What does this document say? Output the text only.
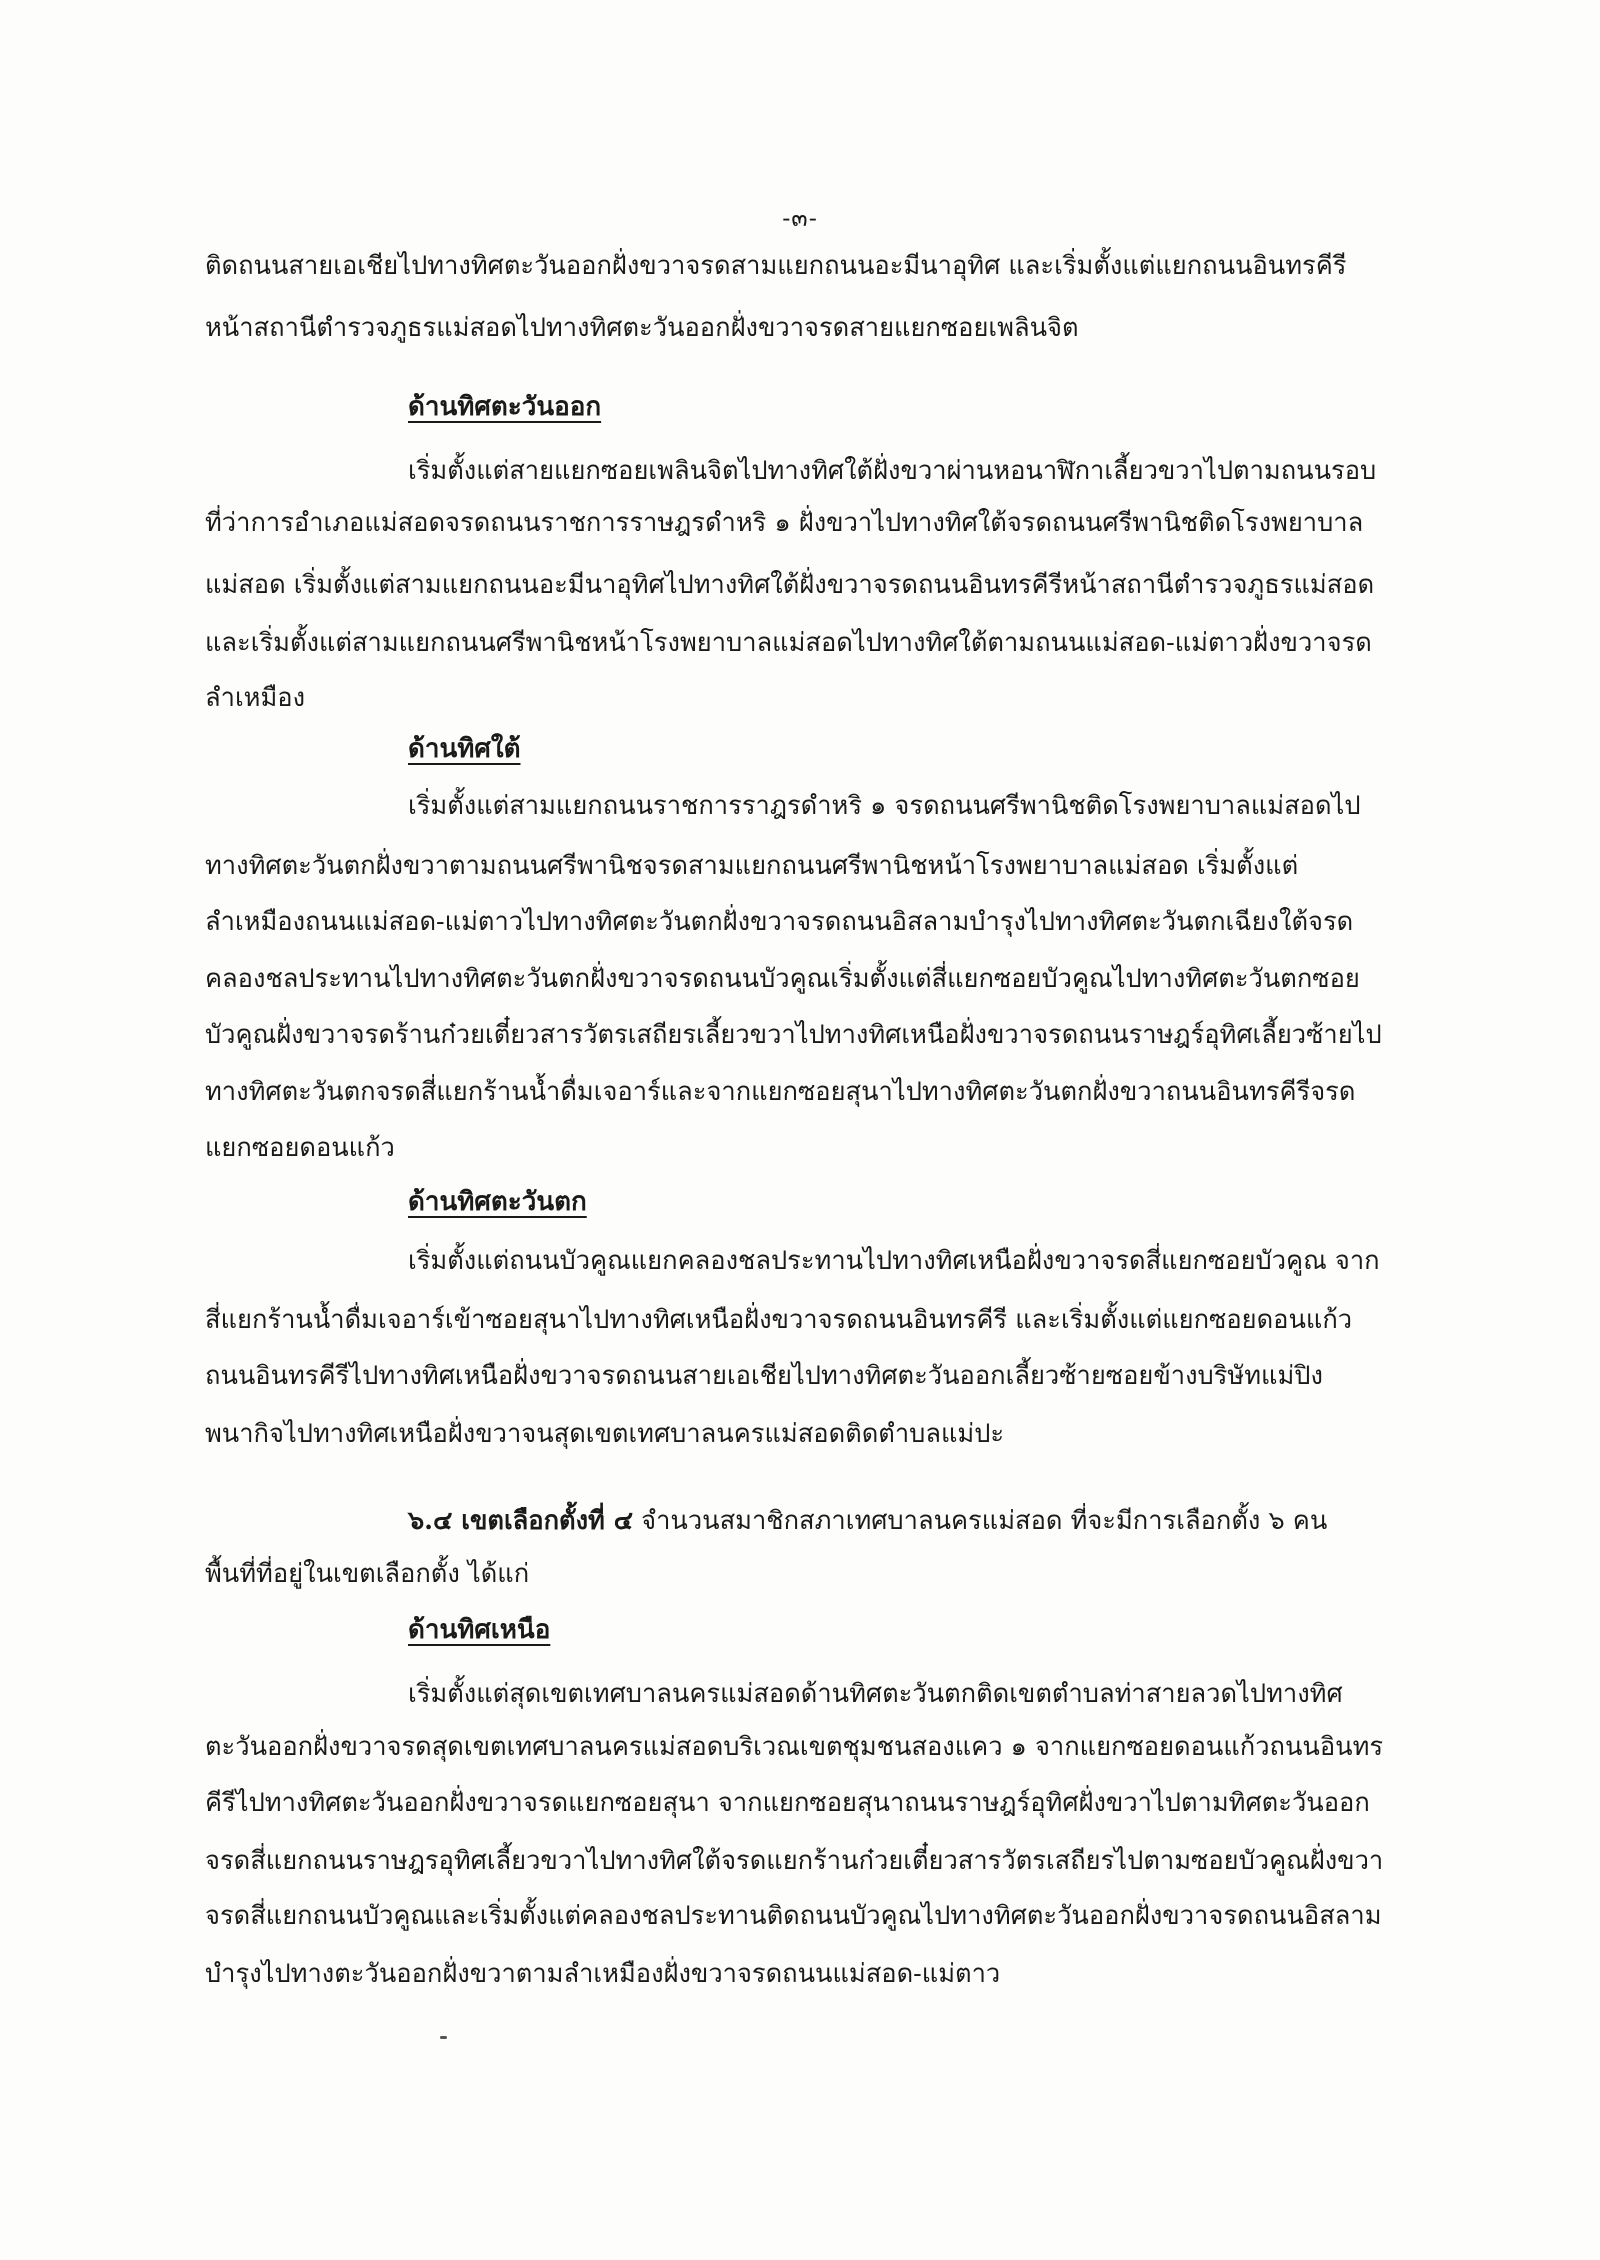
-๓-
ติดถนนสายเอเชียไปทางทิศตะวันออกฝั่งขวาจรดสามแยกถนนอะมีนาอุทิศ และเริ่มตั้งแต่แยกถนนอินทรคีรี
หน้าสถานีตำรวจภูธรแม่สอดไปทางทิศตะวันออกฝั่งขวาจรดสายแยกซอยเพลินจิต
ด้านทิศตะวันออก
เริ่มตั้งแต่สายแยกซอยเพลินจิตไปทางทิศใต้ฝั่งขวาผ่านหอนาฬิกาเลี้ยวขวาไปตามถนนรอบ
ที่ว่าการอำเภอแม่สอดจรดถนนราชการราษฎรดำหริ ๑ ฝั่งขวาไปทางทิศใต้จรดถนนศรีพานิชติดโรงพยาบาล
แม่สอด เริ่มตั้งแต่สามแยกถนนอะมีนาอุทิศไปทางทิศใต้ฝั่งขวาจรดถนนอินทรคีรีหน้าสถานีตำรวจภูธรแม่สอด
และเริ่มตั้งแต่สามแยกถนนศรีพานิชหน้าโรงพยาบาลแม่สอดไปทางทิศใต้ตามถนนแม่สอด-แม่ตาวฝั่งขวาจรด
ลำเหมือง
ด้านทิศใต้
เริ่มตั้งแต่สามแยกถนนราชการราฎรดำหริ ๑ จรดถนนศรีพานิชติดโรงพยาบาลแม่สอดไป
ทางทิศตะวันตกฝั่งขวาตามถนนศรีพานิชจรดสามแยกถนนศรีพานิชหน้าโรงพยาบาลแม่สอด เริ่มตั้งแต่
ลำเหมืองถนนแม่สอด-แม่ตาวไปทางทิศตะวันตกฝั่งขวาจรดถนนอิสลามบำรุงไปทางทิศตะวันตกเฉียงใต้จรด
คลองชลประทานไปทางทิศตะวันตกฝั่งขวาจรดถนนบัวคูณเริ่มตั้งแต่สี่แยกซอยบัวคูณไปทางทิศตะวันตกซอย
บัวคูณฝั่งขวาจรดร้านก๋วยเตี๋ยวสารวัตรเสถียรเลี้ยวขวาไปทางทิศเหนือฝั่งขวาจรดถนนราษฎร์อุทิศเลี้ยวซ้ายไป
ทางทิศตะวันตกจรดสี่แยกร้านน้ำดื่มเจอาร์และจากแยกซอยสุนาไปทางทิศตะวันตกฝั่งขวาถนนอินทรคีรีจรด
แยกซอยดอนแก้ว
ด้านทิศตะวันตก
เริ่มตั้งแต่ถนนบัวคูณแยกคลองชลประทานไปทางทิศเหนือฝั่งขวาจรดสี่แยกซอยบัวคูณ จาก
สี่แยกร้านน้ำดื่มเจอาร์เข้าซอยสุนาไปทางทิศเหนือฝั่งขวาจรดถนนอินทรคีรี และเริ่มตั้งแต่แยกซอยดอนแก้ว
ถนนอินทรคีรีไปทางทิศเหนือฝั่งขวาจรดถนนสายเอเชียไปทางทิศตะวันออกเลี้ยวซ้ายซอยข้างบริษัทแม่ปิง
พนากิจไปทางทิศเหนือฝั่งขวาจนสุดเขตเทศบาลนครแม่สอดติดตำบลแม่ปะ
๖.๔ เขตเลือกตั้งที่ ๔ จำนวนสมาชิกสภาเทศบาลนครแม่สอด ที่จะมีการเลือกตั้ง ๖ คน
พื้นที่ที่อยู่ในเขตเลือกตั้ง ได้แก่
ด้านทิศเหนือ
เริ่มตั้งแต่สุดเขตเทศบาลนครแม่สอดด้านทิศตะวันตกติดเขตตำบลท่าสายลวดไปทางทิศ
ตะวันออกฝั่งขวาจรดสุดเขตเทศบาลนครแม่สอดบริเวณเขตชุมชนสองแคว ๑ จากแยกซอยดอนแก้วถนนอินทร
คีรีไปทางทิศตะวันออกฝั่งขวาจรดแยกซอยสุนา จากแยกซอยสุนาถนนราษฎร์อุทิศฝั่งขวาไปตามทิศตะวันออก
จรดสี่แยกถนนราษฎรอุทิศเลี้ยวขวาไปทางทิศใต้จรดแยกร้านก๋วยเตี๋ยวสารวัตรเสถียรไปตามซอยบัวคูณฝั่งขวา
จรดสี่แยกถนนบัวคูณและเริ่มตั้งแต่คลองชลประทานติดถนนบัวคูณไปทางทิศตะวันออกฝั่งขวาจรดถนนอิสลาม
บำรุงไปทางตะวันออกฝั่งขวาตามลำเหมืองฝั่งขวาจรดถนนแม่สอด-แม่ตาว
